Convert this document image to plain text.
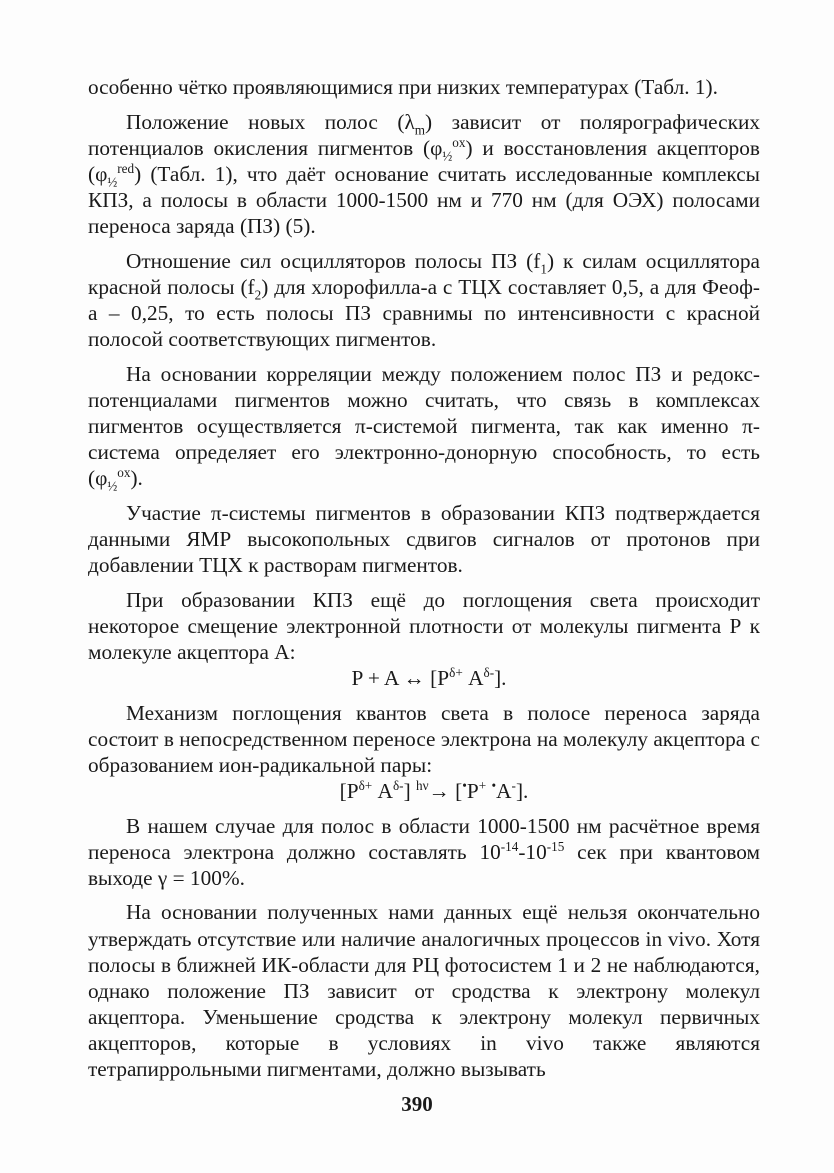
особенно чётко проявляющимися при низких температурах (Табл. 1).

Положение новых полос $(\lambda_m)$ зависит от полярографических потенциалов окисления пигментов $(\varphi_{\frac{1}{2}}^{ox})$ и восстановления акцепторов $(\varphi_{\frac{1}{2}}^{red})$ (Табл. 1), что даёт основание считать исследованные комплексы КПЗ, а полосы в области 1000-1500 нм и 770 нм (для ОЭХ) полосами переноса заряда (ПЗ) (5).

Отношение сил осцилляторов полосы ПЗ $(f_1)$ к силам осциллятора красной полосы $(f_2)$ для хлорофилла-а с ТЦХ составляет 0,5, а для Феоф-а – 0,25, то есть полосы ПЗ сравнимы по интенсивности с красной полосой соответствующих пигментов.

На основании корреляции между положением полос ПЗ и редокс-потенциалами пигментов можно считать, что связь в комплексах пигментов осуществляется π-системой пигмента, так как именно π-система определяет его электронно-донорную способность, то есть $(\varphi_{\frac{1}{2}}^{ox})$.

Участие π-системы пигментов в образовании КПЗ подтверждается данными ЯМР высокопольных сдвигов сигналов от протонов при добавлении ТЦХ к растворам пигментов.

При образовании КПЗ ещё до поглощения света происходит некоторое смещение электронной плотности от молекулы пигмента Р к молекуле акцептора А:

P + A ↔ [$P^{\delta+}$ $A^{\delta-}$].

Механизм поглощения квантов света в полосе переноса заряда состоит в непосредственном переносе электрона на молекулу акцептора с образованием ион-радикальной пары:

[$P^{\delta+}$ $A^{\delta-}$] $^{h\nu}$→ [•P+ •A-].

В нашем случае для полос в области 1000-1500 нм расчётное время переноса электрона должно составлять $10^{-14}-10^{-15}$ сек при квантовом выходе γ = 100%.

На основании полученных нами данных ещё нельзя окончательно утверждать отсутствие или наличие аналогичных процессов in vivo. Хотя полосы в ближней ИК-области для РЦ фотосистем 1 и 2 не наблюдаются, однако положение ПЗ зависит от сродства к электрону молекул акцептора. Уменьшение сродства к электрону молекул первичных акцепторов, которые в условиях in vivo также являются тетрапиррольными пигментами, должно вызывать

390
